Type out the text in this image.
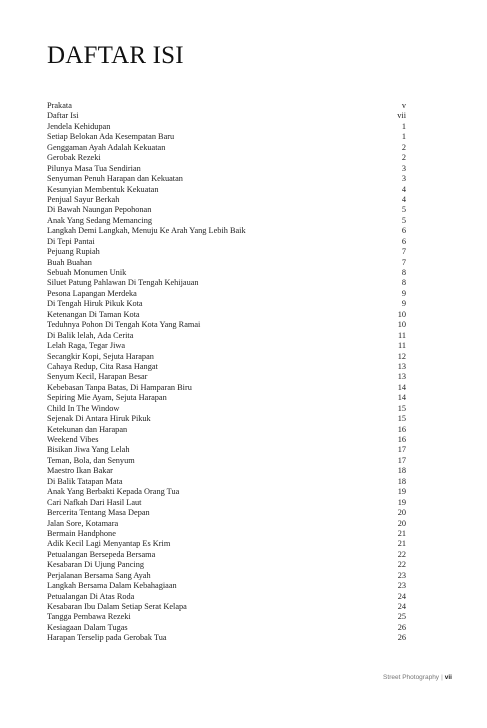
DAFTAR ISI
Prakata	v
Daftar Isi	vii
Jendela Kehidupan	1
Setiap Belokan Ada Kesempatan Baru	1
Genggaman Ayah Adalah Kekuatan	2
Gerobak Rezeki	2
Pilunya Masa Tua Sendirian	3
Senyuman Penuh Harapan dan Kekuatan	3
Kesunyian Membentuk Kekuatan	4
Penjual Sayur Berkah	4
Di Bawah Naungan Pepohonan	5
Anak Yang Sedang Memancing	5
Langkah Demi Langkah, Menuju Ke Arah Yang Lebih Baik	6
Di Tepi Pantai	6
Pejuang Rupiah	7
Buah Buahan	7
Sebuah Monumen Unik	8
Siluet Patung Pahlawan Di Tengah Kehijauan	8
Pesona Lapangan Merdeka	9
Di Tengah Hiruk Pikuk Kota	9
Ketenangan Di Taman Kota	10
Teduhnya Pohon Di Tengah Kota Yang Ramai	10
Di Balik lelah, Ada Cerita	11
Lelah Raga, Tegar Jiwa	11
Secangkir Kopi, Sejuta Harapan	12
Cahaya Redup, Cita Rasa Hangat	13
Senyum Kecil, Harapan Besar	13
Kebebasan Tanpa Batas, Di Hamparan Biru	14
Sepiring Mie Ayam, Sejuta Harapan	14
Child In The Window	15
Sejenak Di Antara Hiruk Pikuk	15
Ketekunan dan Harapan	16
Weekend Vibes	16
Bisikan Jiwa Yang Lelah	17
Teman, Bola, dan Senyum	17
Maestro Ikan Bakar	18
Di Balik Tatapan Mata	18
Anak Yang Berbakti Kepada Orang Tua	19
Cari Nafkah Dari Hasil Laut	19
Bercerita Tentang Masa Depan	20
Jalan Sore, Kotamara	20
Bermain Handphone	21
Adik Kecil Lagi Menyantap Es Krim	21
Petualangan Bersepeda Bersama	22
Kesabaran Di Ujung Pancing	22
Perjalanan Bersama Sang Ayah	23
Langkah Bersama Dalam Kebahagiaan	23
Petualangan Di Atas Roda	24
Kesabaran Ibu Dalam Setiap Serat Kelapa	24
Tangga Pembawa Rezeki	25
Kesiagaan Dalam Tugas	26
Harapan Terselip pada Gerobak Tua	26
Street Photography | vii
